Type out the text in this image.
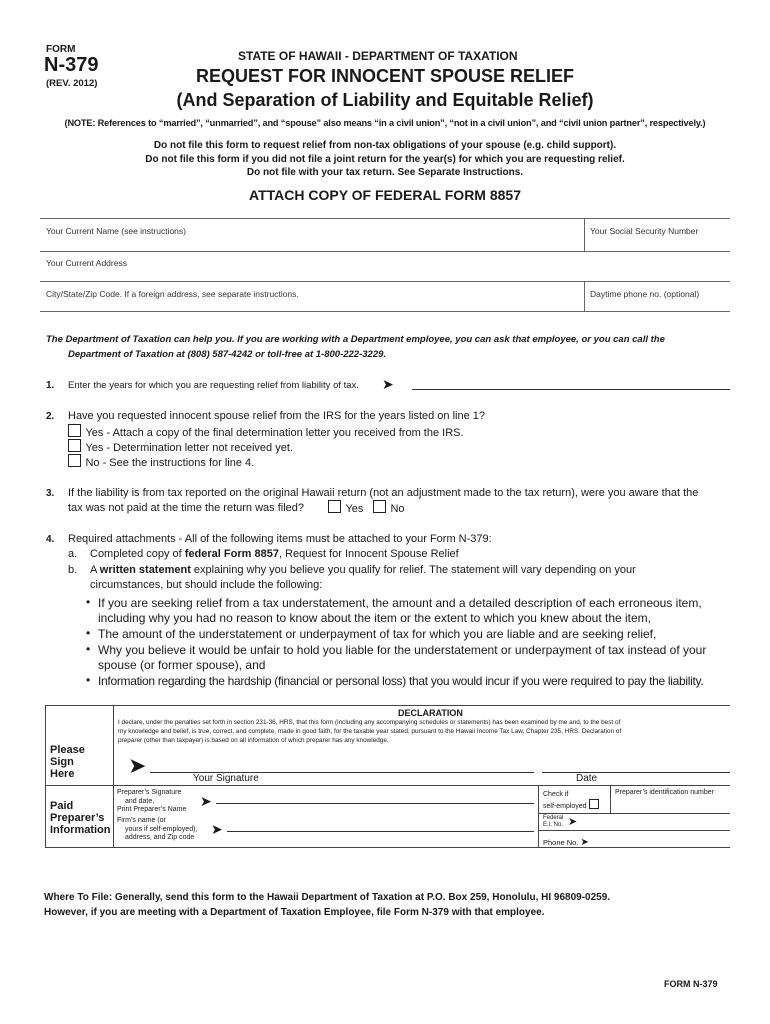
FORM
N-379
(REV. 2012)
STATE OF HAWAII - DEPARTMENT OF TAXATION
REQUEST FOR INNOCENT SPOUSE RELIEF
(And Separation of Liability and Equitable Relief)
(NOTE: References to “married”, “unmarried”, and “spouse” also means “in a civil union”, “not in a civil union”, and “civil union partner”, respectively.)
Do not file this form to request relief from non-tax obligations of your spouse (e.g. child support).
Do not file this form if you did not file a joint return for the year(s) for which you are requesting relief.
Do not file with your tax return. See Separate Instructions.
ATTACH COPY OF FEDERAL FORM 8857
Your Current Name (see instructions)	Your Social Security Number
Your Current Address
City/State/Zip Code. If a foreign address, see separate instructions.	Daytime phone no. (optional)
The Department of Taxation can help you. If you are working with a Department employee, you can ask that employee, or you can call the
Department of Taxation at (808) 587-4242 or toll-free at 1-800-222-3229.
1. Enter the years for which you are requesting relief from liability of tax. ➤
2. Have you requested innocent spouse relief from the IRS for the years listed on line 1?
Yes - Attach a copy of the final determination letter you received from the IRS.
Yes - Determination letter not received yet.
No - See the instructions for line 4.
3. If the liability is from tax reported on the original Hawaii return (not an adjustment made to the tax return), were you aware that the
tax was not paid at the time the return was filed?	Yes	No
4. Required attachments - All of the following items must be attached to your Form N-379:
a. Completed copy of federal Form 8857, Request for Innocent Spouse Relief
b. A written statement explaining why you believe you qualify for relief. The statement will vary depending on your
circumstances, but should include the following:
• If you are seeking relief from a tax understatement, the amount and a detailed description of each erroneous item,
including why you had no reason to know about the item or the extent to which you knew about the item,
• The amount of the understatement or underpayment of tax for which you are liable and are seeking relief,
• Why you believe it would be unfair to hold you liable for the understatement or underpayment of tax instead of your
spouse (or former spouse), and
• Information regarding the hardship (financial or personal loss) that you would incur if you were required to pay the liability.
DECLARATION
I declare, under the penalties set forth in section 231-36, HRS, that this form (including any accompanying schedules or statements) has been examined by me and, to the best of
my knowledge and belief, is true, correct, and complete, made in good faith, for the taxable year stated, pursuant to the Hawaii Income Tax Law, Chapter 235, HRS. Declaration of
preparer (other than taxpayer) is based on all information of which preparer has any knowledge.
Please
Sign
Here	➤
Your Signature	Date
Paid
Preparer’s
Information
Preparer’s Signature
and date,
Print Preparer’s Name
➤
Firm’s name (or
yours if self-employed),
address, and Zip code
➤
Check if
self-employed
Preparer’s identification number
Federal
E.I. No. ➤
Phone No. ➤
Where To File: Generally, send this form to the Hawaii Department of Taxation at P.O. Box 259, Honolulu, HI 96809-0259.
However, if you are meeting with a Department of Taxation Employee, file Form N-379 with that employee.
FORM N-379
